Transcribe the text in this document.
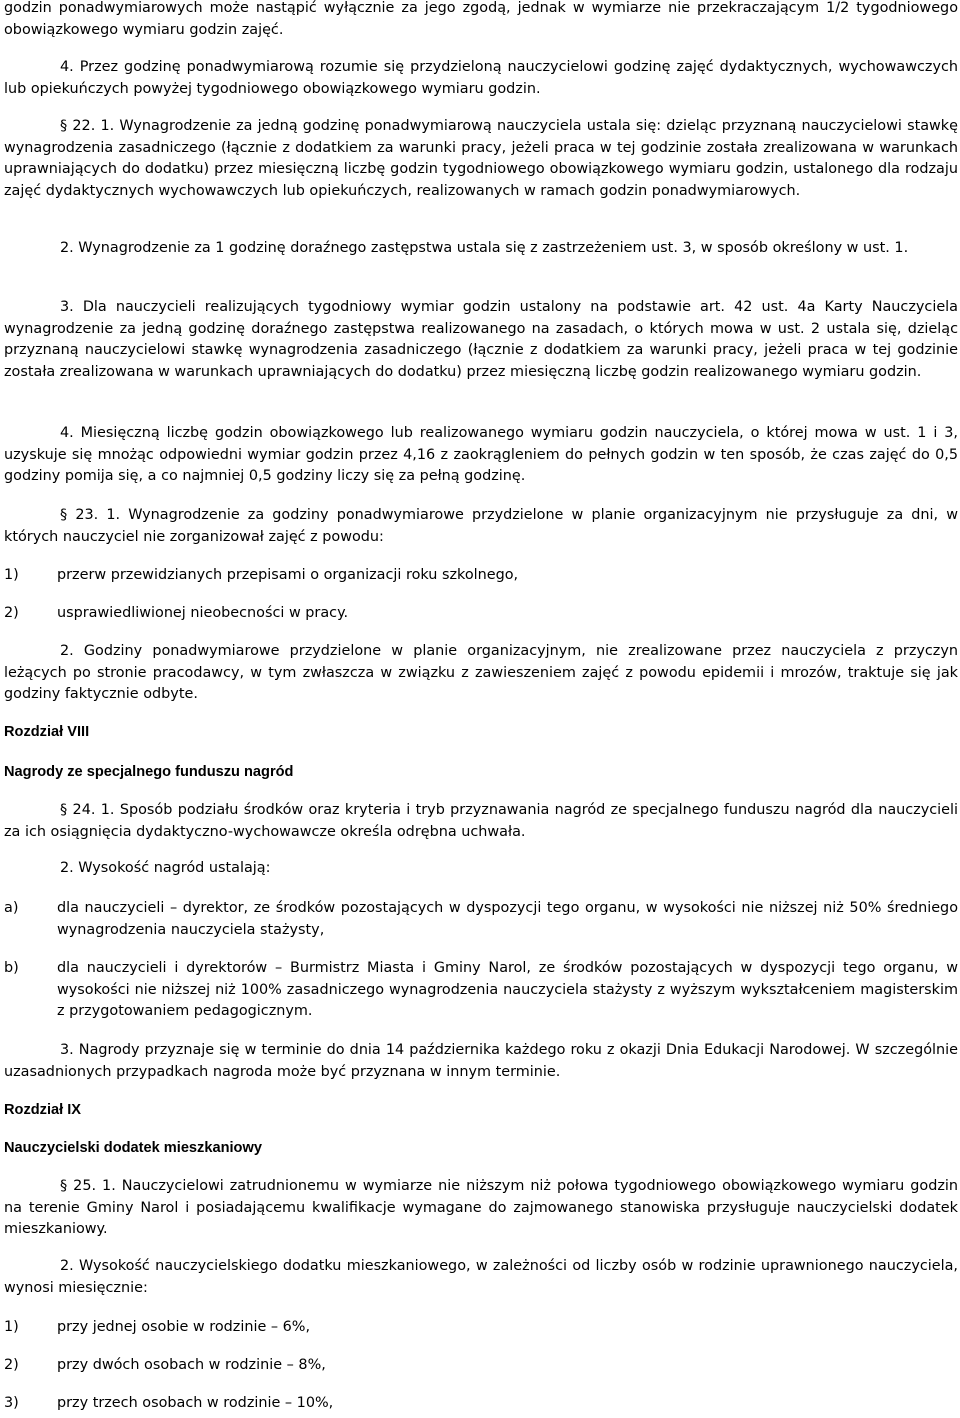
godzin ponadwymiarowych może nastąpić wyłącznie za jego zgodą, jednak w wymiarze nie przekraczającym 1/2 tygodniowego obowiązkowego wymiaru godzin zajęć.

4. Przez godzinę ponadwymiarową rozumie się przydzieloną nauczycielowi godzinę zajęć dydaktycznych, wychowawczych lub opiekuńczych powyżej tygodniowego obowiązkowego wymiaru godzin.

§ 22. 1. Wynagrodzenie za jedną godzinę ponadwymiarową nauczyciela ustala się: dzieląc przyznaną nauczycielowi stawkę wynagrodzenia zasadniczego (łącznie z dodatkiem za warunki pracy, jeżeli praca w tej godzinie została zrealizowana w warunkach uprawniających do dodatku) przez miesięczną liczbę godzin tygodniowego obowiązkowego wymiaru godzin, ustalonego dla rodzaju zajęć dydaktycznych wychowawczych lub opiekuńczych, realizowanych w ramach godzin ponadwymiarowych.

2. Wynagrodzenie za 1 godzinę doraźnego zastępstwa ustala się z zastrzeżeniem ust. 3, w sposób określony w ust. 1.

3. Dla nauczycieli realizujących tygodniowy wymiar godzin ustalony na podstawie art. 42 ust. 4a Karty Nauczyciela wynagrodzenie za jedną godzinę doraźnego zastępstwa realizowanego na zasadach, o których mowa w ust. 2 ustala się, dzieląc przyznaną nauczycielowi stawkę wynagrodzenia zasadniczego (łącznie z dodatkiem za warunki pracy, jeżeli praca w tej godzinie została zrealizowana w warunkach uprawniających do dodatku) przez miesięczną liczbę godzin realizowanego wymiaru godzin.

4. Miesięczną liczbę godzin obowiązkowego lub realizowanego wymiaru godzin nauczyciela, o której mowa w ust. 1 i 3, uzyskuje się mnożąc odpowiedni wymiar godzin przez 4,16 z zaokrągleniem do pełnych godzin w ten sposób, że czas zajęć do 0,5 godziny pomija się, a co najmniej 0,5 godziny liczy się za pełną godzinę.

§ 23. 1. Wynagrodzenie za godziny ponadwymiarowe przydzielone w planie organizacyjnym nie przysługuje za dni, w których nauczyciel nie zorganizował zajęć z powodu:

1)	przerw przewidzianych przepisami o organizacji roku szkolnego,

2)	usprawiedliwionej nieobecności w pracy.

2. Godziny ponadwymiarowe przydzielone w planie organizacyjnym, nie zrealizowane przez nauczyciela z przyczyn leżących po stronie pracodawcy, w tym zwłaszcza w związku z zawieszeniem zajęć z powodu epidemii i mrozów, traktuje się jak godziny faktycznie odbyte.

Rozdział VIII

Nagrody ze specjalnego funduszu nagród

§ 24. 1. Sposób podziału środków oraz kryteria i tryb przyznawania nagród ze specjalnego funduszu nagród dla nauczycieli za ich osiągnięcia dydaktyczno-wychowawcze określa odrębna uchwała.

2. Wysokość nagród ustalają:

a)	dla nauczycieli – dyrektor, ze środków pozostających w dyspozycji tego organu, w wysokości nie niższej niż 50% średniego wynagrodzenia nauczyciela stażysty,

b)	dla nauczycieli i dyrektorów – Burmistrz Miasta i Gminy Narol, ze środków pozostających w dyspozycji tego organu, w wysokości nie niższej niż 100% zasadniczego wynagrodzenia nauczyciela stażysty z wyższym wykształceniem magisterskim z przygotowaniem pedagogicznym.

3. Nagrody przyznaje się w terminie do dnia 14 października każdego roku z okazji Dnia Edukacji Narodowej. W szczególnie uzasadnionych przypadkach nagroda może być przyznana w innym terminie.

Rozdział IX

Nauczycielski dodatek mieszkaniowy

§ 25. 1. Nauczycielowi zatrudnionemu w wymiarze nie niższym niż połowa tygodniowego obowiązkowego wymiaru godzin na terenie Gminy Narol i posiadającemu kwalifikacje wymagane do zajmowanego stanowiska przysługuje nauczycielski dodatek mieszkaniowy.

2. Wysokość nauczycielskiego dodatku mieszkaniowego, w zależności od liczby osób w rodzinie uprawnionego nauczyciela, wynosi miesięcznie:

1)	przy jednej osobie w rodzinie – 6%,

2)	przy dwóch osobach w rodzinie – 8%,

3)	przy trzech osobach w rodzinie – 10%,
